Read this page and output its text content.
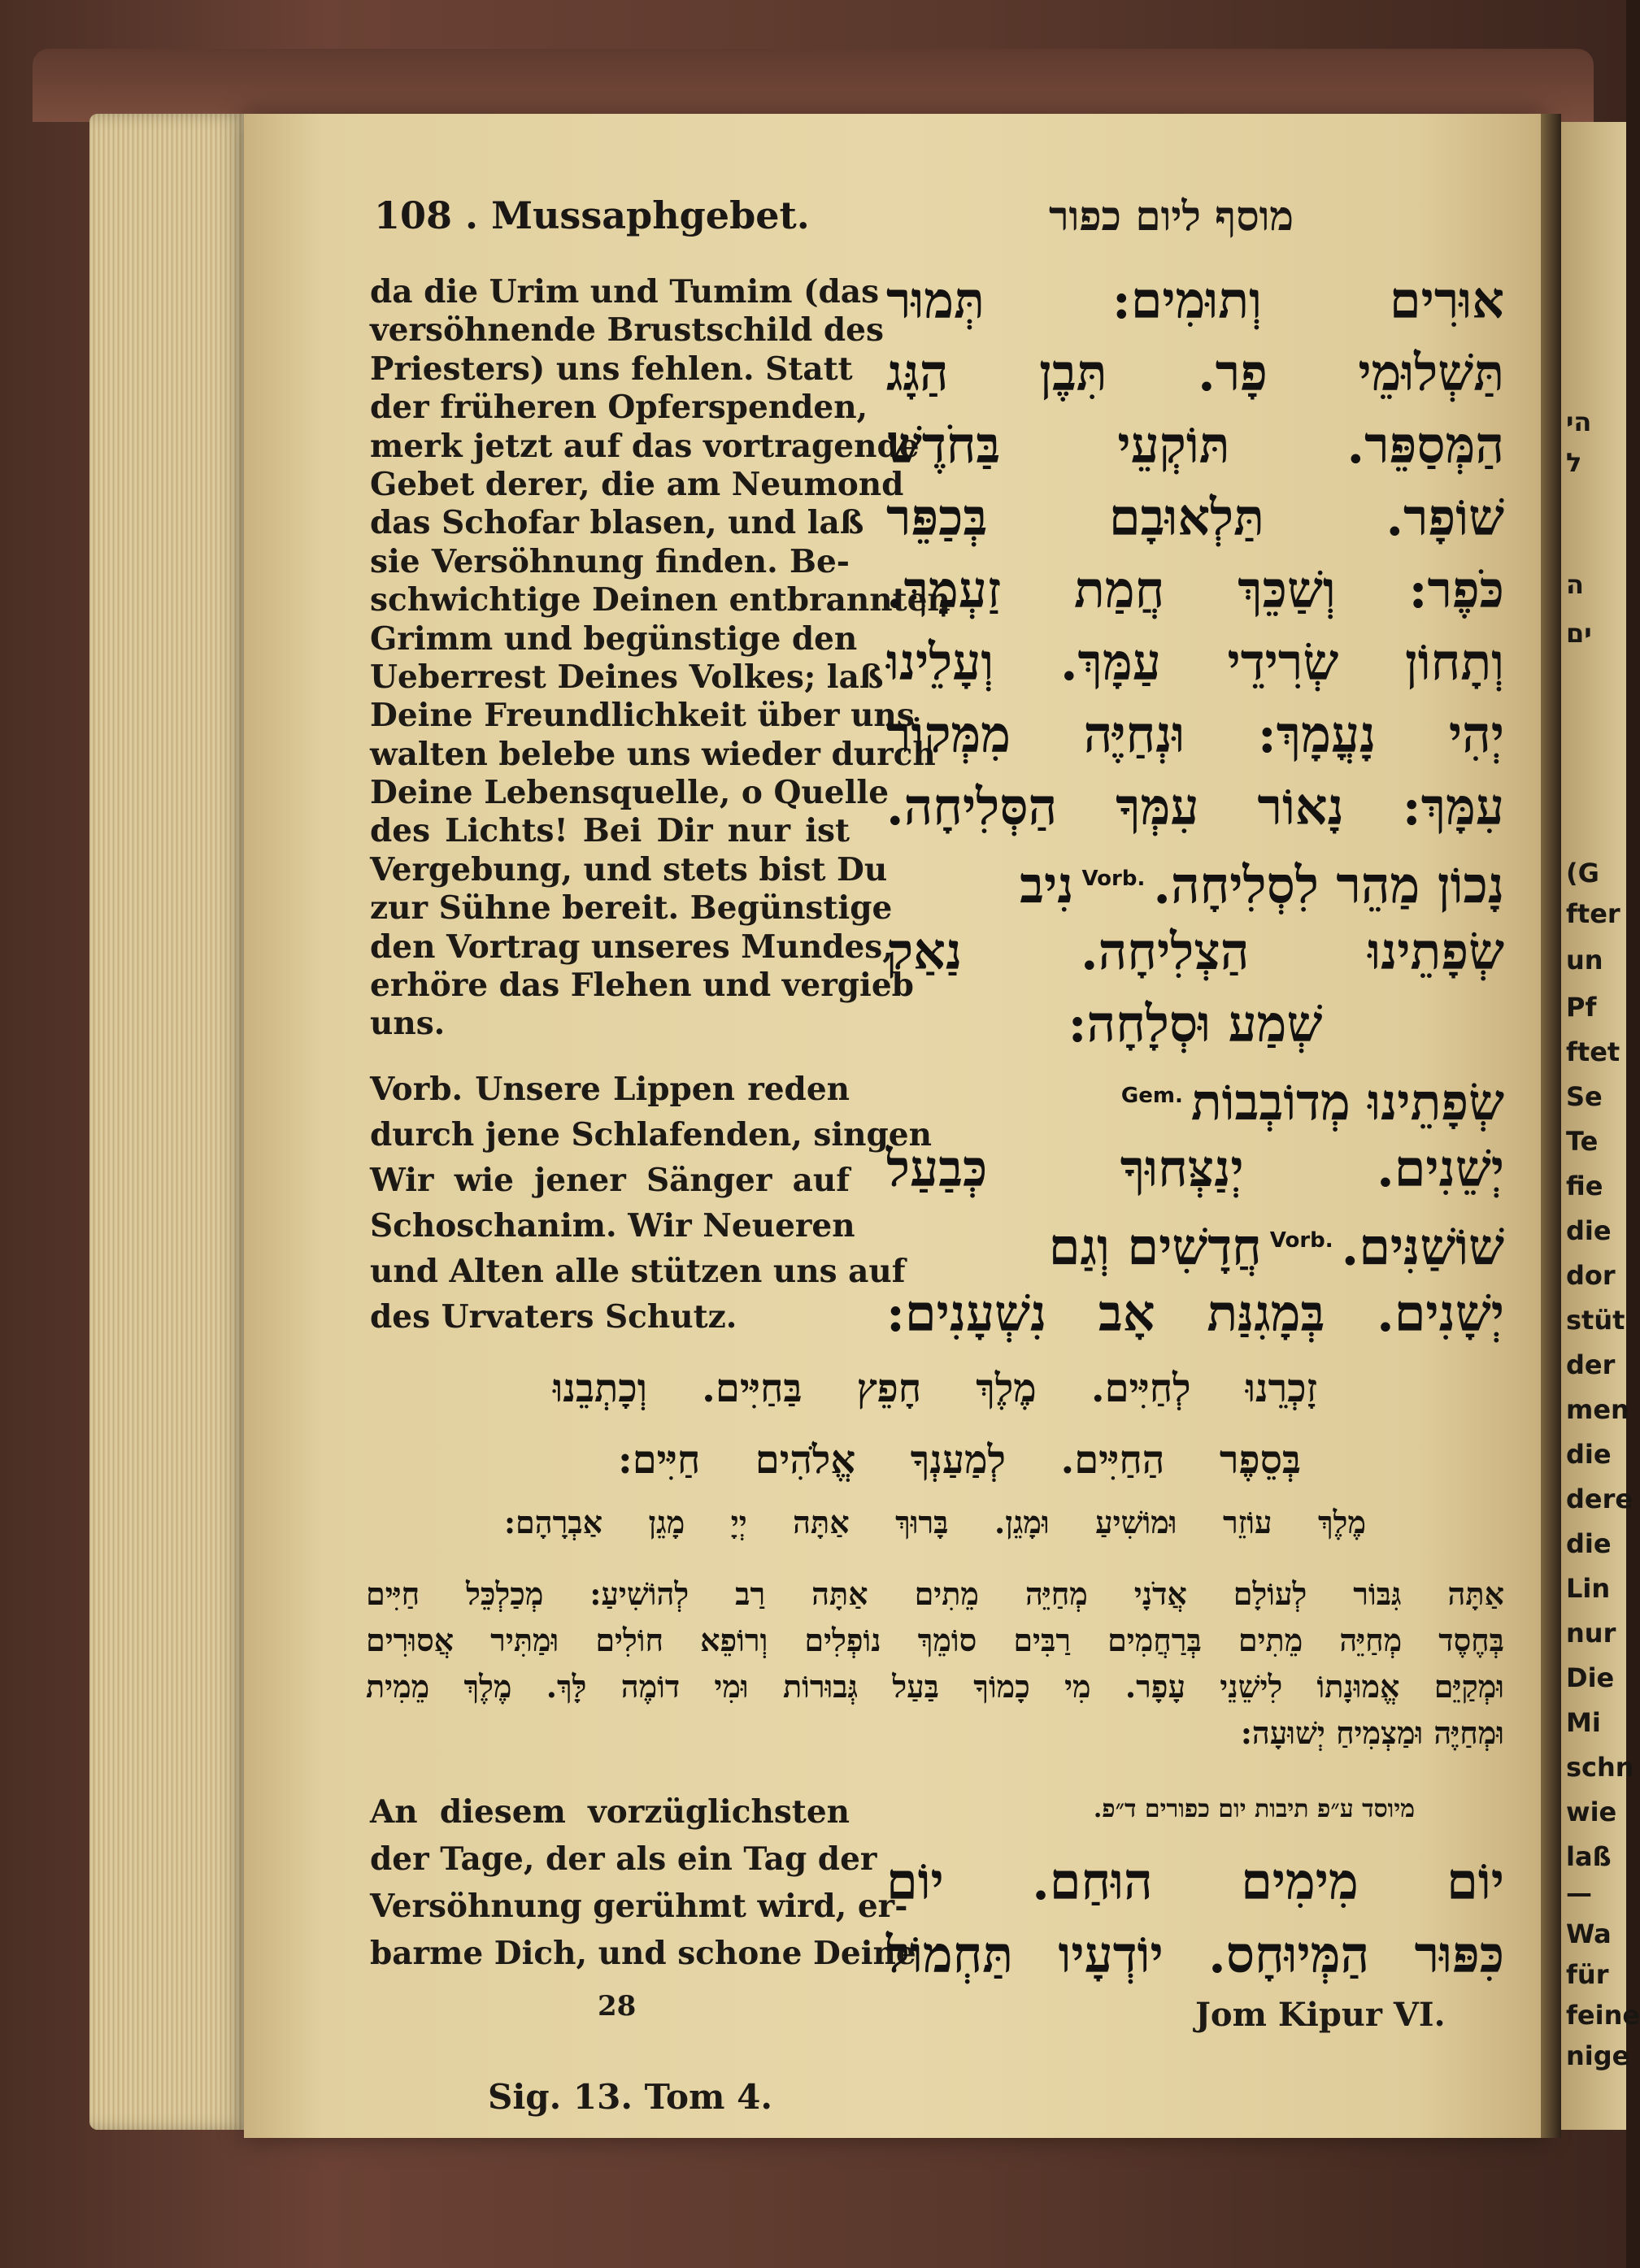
הי
ל
ה
ים
(G
fter
un
Pf
ftet
Se
Te
fie
die
dor
stüt
der
men
die
dere
die
Lin
nur
Die
Mi
schn
wie
laß
—
Wa
für
feine
nige
108 . Mussaphgebet.	מוסף ליום כפור
da die Urim und Tumim (das
versöhnende Brustschild des
Priesters) uns fehlen. Statt
der früheren Opferspenden,
merk jetzt auf das vortragende
Gebet derer, die am Neumond
das Schofar blasen, und laß
sie Versöhnung finden. Be-
schwichtige Deinen entbrannten
Grimm und begünstige den
Ueberrest Deines Volkes; laß
Deine Freundlichkeit über uns
walten belebe uns wieder durch
Deine Lebensquelle, o Quelle
des Lichts! Bei Dir nur ist
Vergebung, und stets bist Du
zur Sühne bereit. Begünstige
den Vortrag unseres Mundes,
erhöre das Flehen und vergieb
uns.
Vorb. Unsere Lippen reden
durch jene Schlafenden, singen
Wir wie jener Sänger auf
Schoschanim. Wir Neueren
und Alten alle stützen uns auf
des Urvaters Schutz.
אוּרִים וְתוּמִים: תְּמוּר
תַּשְׁלוּמֵי פָר. תִּבֶן הַגָּג
הַמְּסַפֵּר. תּוֹקְעֵי בַּחֹדֶשׁ
שׁוֹפָר. תַּלְאוּבָם בְּכַפֵּר
כֹּפֶר: וְשַׁכֵּךְ חֲמַת זַעְמָךְ.
וְתָחוֹן שְׂרִידֵי עַמָּךְ. וְעָלֵינוּ
יְהִי נָעֳמָךְ: וּנְחַיֶּה מִמְּקוֹר
עִמָּךְ: נָאוֹר עִמְּךָ הַסְּלִיחָה.
נָכוֹן מַהֵר לִסְלִיחָה.$^{Vorb.}$נִיב
שְׂפָתֵינוּ הַצְלִיחָה. נַאַק
שְׁמַע וּסְלָחָה:
שְׂפָתֵינוּ מְדוֹבְבוֹת$^{Gem.}$
יְשֵׁנִים. יְנַצְּחוּךָ כְּבַעַל
שׁוֹשַׁנִּים.$^{Vorb.}$חֲדָשִׁים וְגַם
יְשָׁנִים. בְּמָגִנַּת אָב נִשְׁעָנִים:
זָכְרֵנוּ לְחַיִּים. מֶלֶךְ חָפֵץ בַּחַיִּים. וְכָתְבֵנוּ
בְּסֵפֶר הַחַיִּים. לְמַעַנְךָ אֱלֹהִים חַיִּים:
מֶלֶךְ עוֹזֵר וּמוֹשִׁיעַ וּמָגֵן. בָּרוּךְ אַתָּה יְיָ מָגֵן אַבְרָהָם:
אַתָּה גִּבּוֹר לְעוֹלָם אֲדֹנָי מְחַיֵּה מֵתִים אַתָּה רַב לְהוֹשִׁיעַ: מְכַלְכֵּל חַיִּים
בְּחֶסֶד מְחַיֵּה מֵתִים בְּרַחֲמִים רַבִּים סוֹמֵךְ נוֹפְלִים וְרוֹפֵא חוֹלִים וּמַתִּיר אֲסוּרִים
וּמְקַיֵּם אֱמוּנָתוֹ לִישֵׁנֵי עָפָר. מִי כָמוֹךָ בַּעַל גְּבוּרוֹת וּמִי דוֹמֶה לָּךְ. מֶלֶךְ מֵמִית
וּמְחַיֶּה וּמַצְמִיחַ יְשׁוּעָה:
An diesem vorzüglichsten
der Tage, der als ein Tag der
Versöhnung gerühmt wird, er-
barme Dich, und schone Deine
מיוסד ע״פ תיבות יום כפורים ד״פ.
יוֹם מִימִים הוּחַם. יוֹם
כִּפּוּר הַמְּיוּחָס. יוֹדְעָיו תַּחְמוֹל
28	Jom Kipur VI.
Sig. 13. Tom 4.
